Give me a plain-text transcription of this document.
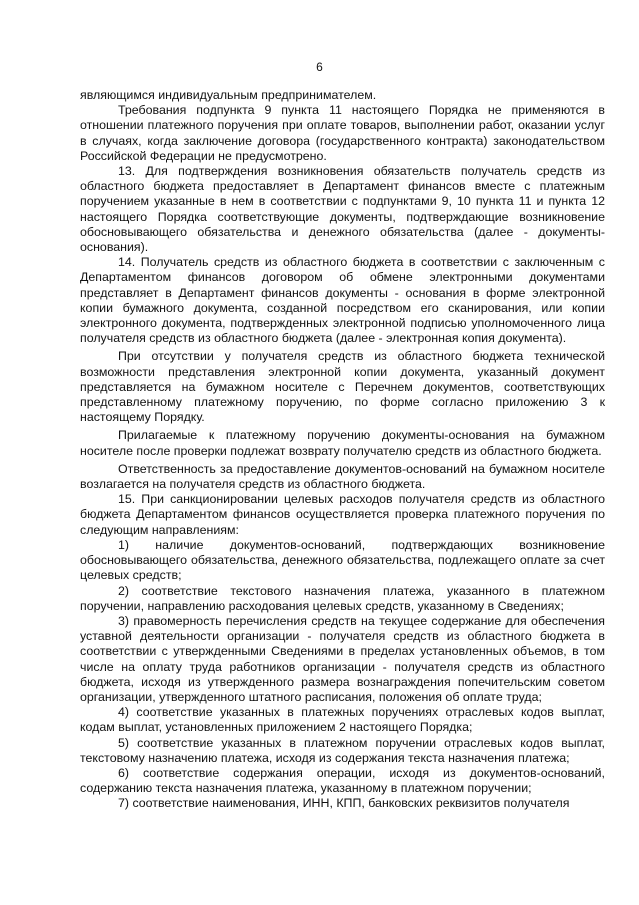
6

являющимся индивидуальным предпринимателем.

Требования подпункта 9 пункта 11 настоящего Порядка не применяются в отношении платежного поручения при оплате товаров, выполнении работ, оказании услуг в случаях, когда заключение договора (государственного контракта) законодательством Российской Федерации не предусмотрено.

13. Для подтверждения возникновения обязательств получатель средств из областного бюджета предоставляет в Департамент финансов вместе с платежным поручением указанные в нем в соответствии с подпунктами 9, 10 пункта 11 и пункта 12 настоящего Порядка соответствующие документы, подтверждающие возникновение обосновывающего обязательства и денежного обязательства (далее - документы-основания).

14. Получатель средств из областного бюджета в соответствии с заключенным с Департаментом финансов договором об обмене электронными документами представляет в Департамент финансов документы - основания в форме электронной копии бумажного документа, созданной посредством его сканирования, или копии электронного документа, подтвержденных электронной подписью уполномоченного лица получателя средств из областного бюджета (далее - электронная копия документа).

При отсутствии у получателя средств из областного бюджета технической возможности представления электронной копии документа, указанный документ представляется на бумажном носителе с Перечнем документов, соответствующих представленному платежному поручению, по форме согласно приложению 3 к настоящему Порядку.

Прилагаемые к платежному поручению документы-основания на бумажном носителе после проверки подлежат возврату получателю средств из областного бюджета.

Ответственность за предоставление документов-оснований на бумажном носителе возлагается на получателя средств из областного бюджета.

15. При санкционировании целевых расходов получателя средств из областного бюджета Департаментом финансов осуществляется проверка платежного поручения по следующим направлениям:

1) наличие документов-оснований, подтверждающих возникновение обосновывающего обязательства, денежного обязательства, подлежащего оплате за счет целевых средств;

2) соответствие текстового назначения платежа, указанного в платежном поручении, направлению расходования целевых средств, указанному в Сведениях;

3) правомерность перечисления средств на текущее содержание для обеспечения уставной деятельности организации - получателя средств из областного бюджета в соответствии с утвержденными Сведениями в пределах установленных объемов, в том числе на оплату труда работников организации - получателя средств из областного бюджета, исходя из утвержденного размера вознаграждения попечительским советом организации, утвержденного штатного расписания, положения об оплате труда;

4) соответствие указанных в платежных поручениях отраслевых кодов выплат, кодам выплат, установленных приложением 2 настоящего Порядка;

5) соответствие указанных в платежном поручении отраслевых кодов выплат, текстовому назначению платежа, исходя из содержания текста назначения платежа;

6) соответствие содержания операции, исходя из документов-оснований, содержанию текста назначения платежа, указанному в платежном поручении;

7) соответствие наименования, ИНН, КПП, банковских реквизитов получателя
